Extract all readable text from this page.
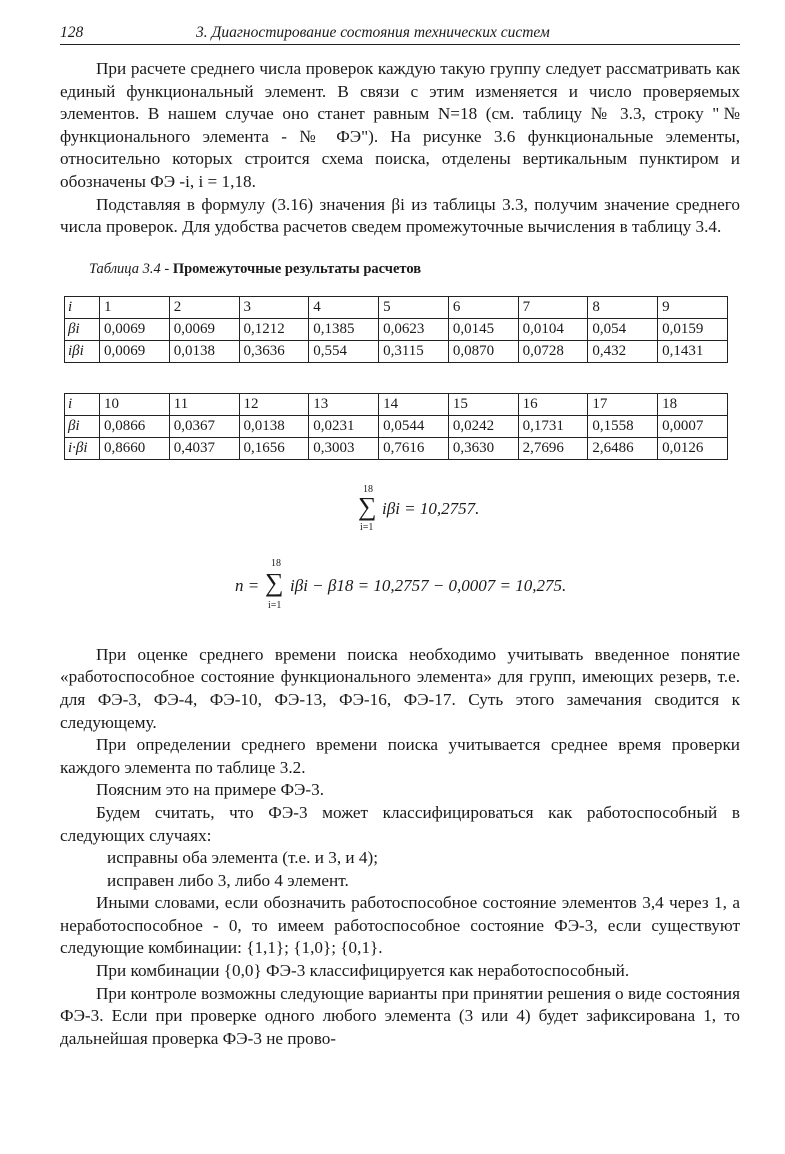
128	3. Диагностирование состояния технических систем

При расчете среднего числа проверок каждую такую группу следует рассматривать как единый функциональный элемент. В связи с этим изменяется и число проверяемых элементов. В нашем случае оно станет равным N=18 (см. таблицу № 3.3, строку "№ функционального элемента - № ФЭ"). На рисунке 3.6 функциональные элементы, относительно которых строится схема поиска, отделены вертикальным пунктиром и обозначены ФЭ -i, i = 1,18.

Подставляя в формулу (3.16) значения βi из таблицы 3.3, получим значение среднего числа проверок. Для удобства расчетов сведем промежуточные вычисления в таблицу 3.4.

Таблица 3.4 - Промежуточные результаты расчетов
i	1	2	3	4	5	6	7	8	9
βi	0,0069	0,0069	0,1212	0,1385	0,0623	0,0145	0,0104	0,054	0,0159
iβi	0,0069	0,0138	0,3636	0,554	0,3115	0,0870	0,0728	0,432	0,1431
i	10	11	12	13	14	15	16	17	18
βi	0,0866	0,0367	0,0138	0,0231	0,0544	0,0242	0,1731	0,1558	0,0007
i·βi	0,8660	0,4037	0,1656	0,3003	0,7616	0,3630	2,7696	2,6486	0,0126
18
∑
i=1
iβi = 10,2757.
n =
18
∑
i=1
iβi − β18 = 10,2757 − 0,0007 = 10,275.

При оценке среднего времени поиска необходимо учитывать введенное понятие «работоспособное состояние функционального элемента» для групп, имеющих резерв, т.е. для ФЭ-3, ФЭ-4, ФЭ-10, ФЭ-13, ФЭ-16, ФЭ-17. Суть этого замечания сводится к следующему.

При определении среднего времени поиска учитывается среднее время проверки каждого элемента по таблице 3.2.

Поясним это на примере ФЭ-3.

Будем считать, что ФЭ-3 может классифицироваться как работоспособный в следующих случаях:

исправны оба элемента (т.е. и 3, и 4);

исправен либо 3, либо 4 элемент.

Иными словами, если обозначить работоспособное состояние элементов 3,4 через 1, а неработоспособное - 0, то имеем работоспособное состояние ФЭ-3, если существуют следующие комбинации: {1,1}; {1,0}; {0,1}.

При комбинации {0,0} ФЭ-3 классифицируется как неработоспособный.

При контроле возможны следующие варианты при принятии решения о виде состояния ФЭ-3. Если при проверке одного любого элемента (3 или 4) будет зафиксирована 1, то дальнейшая проверка ФЭ-3 не прово-
